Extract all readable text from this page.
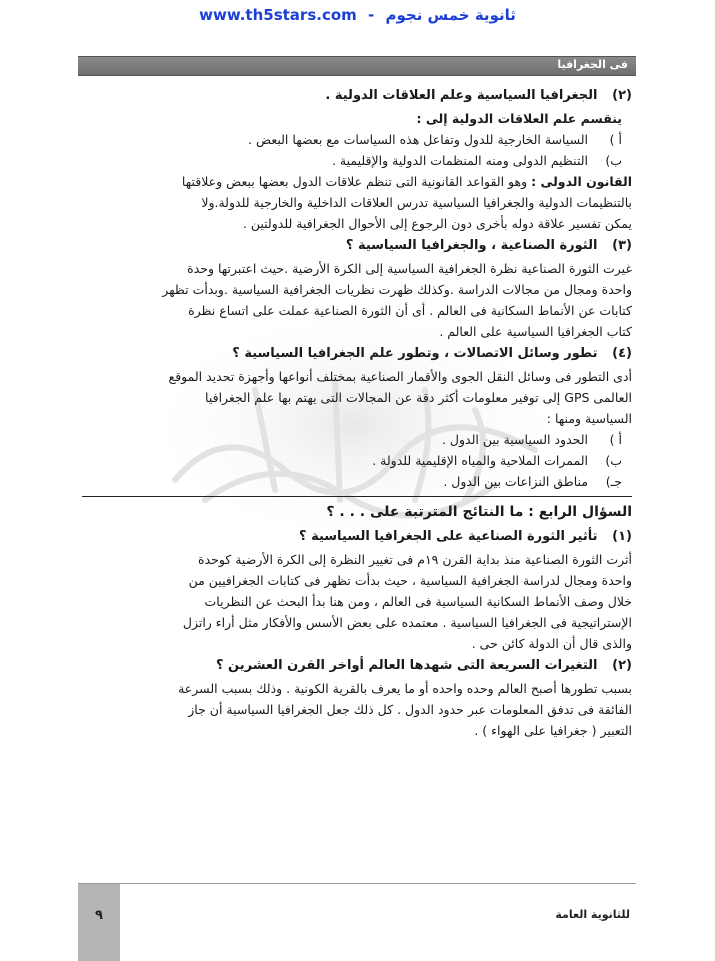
www.th5stars.com - ثانوية خمس نجوم
فى الجغرافيا
(٢) الجغرافيا السياسية وعلم العلاقات الدولية .
ينقسم علم العلاقات الدولية إلى :
أ ) السياسة الخارجية للدول وتفاعل هذه السياسات مع بعضها البعض .
ب) التنظيم الدولى ومنه المنظمات الدولية والإقليمية .
القانون الدولى : وهو القواعد القانونية التى تنظم علاقات الدول بعضها ببعض وعلاقتها
بالتنظيمات الدولية والجغرافيا السياسية تدرس العلاقات الداخلية والخارجية للدولة.ولا
يمكن تفسير علاقة دوله بأخرى دون الرجوع إلى الأحوال الجغرافية للدولتين .
(٣) الثورة الصناعية ، والجغرافيا السياسية ؟
غيرت الثورة الصناعية نظرة الجغرافية السياسية إلى الكرة الأرضية .حيث اعتبرتها وحدة
واحدة ومجال من مجالات الدراسة .وكذلك ظهرت نظريات الجغرافية السياسية .وبدأت تظهر
كتابات عن الأنماط السكانية فى العالم . أى أن الثورة الصناعية عملت على اتساع نظرة
كتاب الجغرافيا السياسية على العالم .
(٤) تطور وسائل الاتصالات ، وتطور علم الجغرافيا السياسية ؟
أدى التطور فى وسائل النقل الجوى والأقمار الصناعية بمختلف أنواعها وأجهزة تحديد الموقع
العالمى GPS إلى توفير معلومات أكثر دقة عن المجالات التى يهتم بها علم الجغرافيا
السياسية ومنها :
أ ) الحدود السياسية بين الدول .
ب) الممرات الملاحية والمياه الإقليمية للدولة .
جـ) مناطق النزاعات بين الدول .
السؤال الرابع : ما النتائج المترتبة على . . . ؟
(١) تأثير الثورة الصناعية على الجغرافيا السياسية ؟
أثرت الثورة الصناعية منذ بداية القرن ١٩م فى تغيير النظرة إلى الكرة الأرضية كوحدة
واحدة ومجال لدراسة الجغرافية السياسية ، حيث بدأت تظهر فى كتابات الجغرافيين من
خلال وصف الأنماط السكانية السياسية فى العالم ، ومن هنا بدأ البحث عن النظريات
الإستراتيجية فى الجغرافيا السياسية . معتمده على بعض الأسس والأفكار مثل أراء راتزل
والذى قال أن الدولة كائن حى .
(٢) التغيرات السريعة التى شهدها العالم أواخر القرن العشرين ؟
بسبب تطورها أصبح العالم وحده واحده أو ما يعرف بالقرية الكونية . وذلك بسبب السرعة
الفائقة فى تدفق المعلومات عبر حدود الدول . كل ذلك جعل الجغرافيا السياسية أن جاز
التعبير ( جغرافيا على الهواء ) .
٩	للثانوية العامة
